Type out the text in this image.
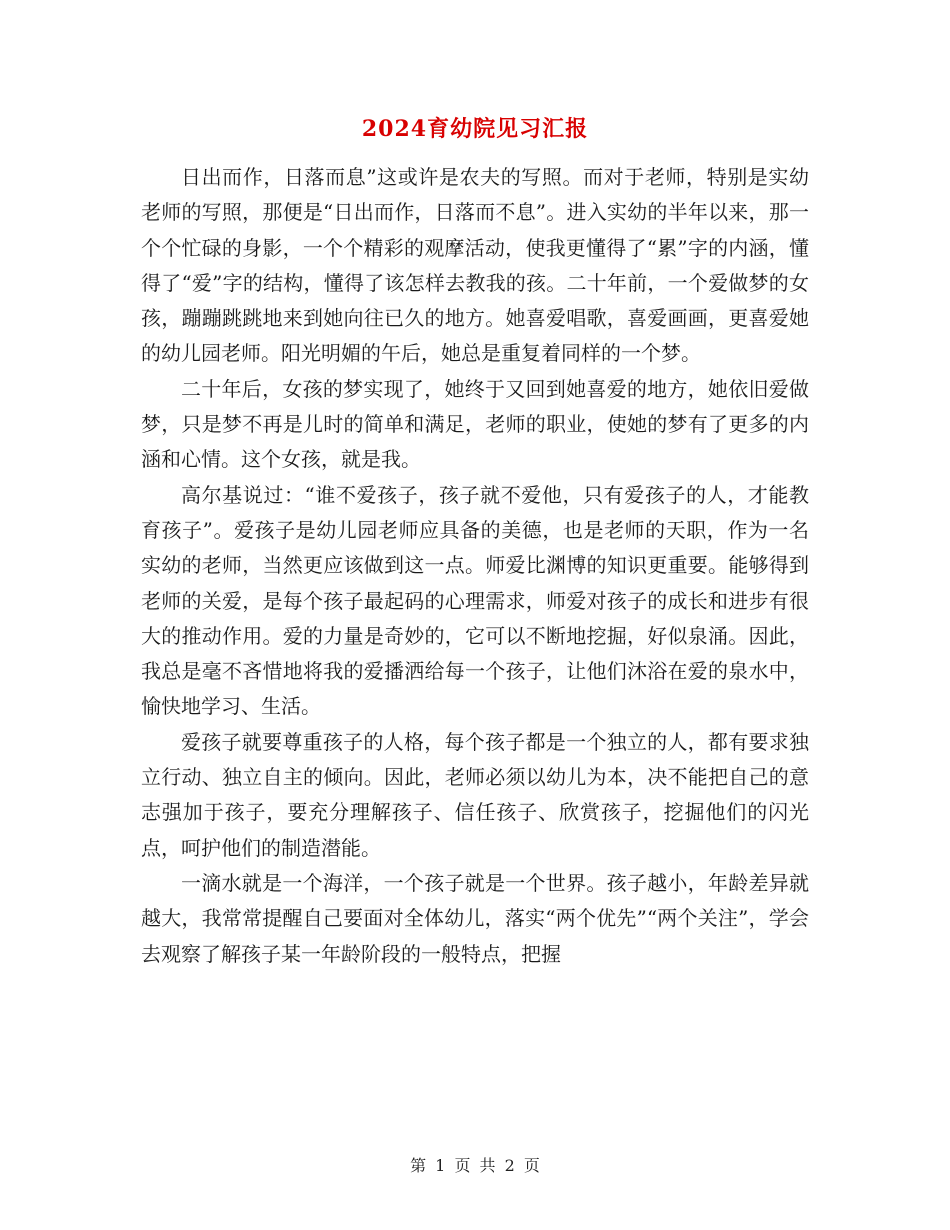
2024育幼院见习汇报

日出而作，日落而息”这或许是农夫的写照。而对于老师，特别是实幼老师的写照，那便是“日出而作，日落而不息”。进入实幼的半年以来，那一个个忙碌的身影，一个个精彩的观摩活动，使我更懂得了“累”字的内涵，懂得了“爱”字的结构，懂得了该怎样去教我的孩。二十年前，一个爱做梦的女孩，蹦蹦跳跳地来到她向往已久的地方。她喜爱唱歌，喜爱画画，更喜爱她的幼儿园老师。阳光明媚的午后，她总是重复着同样的一个梦。

二十年后，女孩的梦实现了，她终于又回到她喜爱的地方，她依旧爱做梦，只是梦不再是儿时的简单和满足，老师的职业，使她的梦有了更多的内涵和心情。这个女孩，就是我。

高尔基说过：“谁不爱孩子，孩子就不爱他，只有爱孩子的人，才能教育孩子”。爱孩子是幼儿园老师应具备的美德，也是老师的天职，作为一名实幼的老师，当然更应该做到这一点。师爱比渊博的知识更重要。能够得到老师的关爱，是每个孩子最起码的心理需求，师爱对孩子的成长和进步有很大的推动作用。爱的力量是奇妙的，它可以不断地挖掘，好似泉涌。因此，我总是毫不吝惜地将我的爱播洒给每一个孩子，让他们沐浴在爱的泉水中，愉快地学习、生活。

爱孩子就要尊重孩子的人格，每个孩子都是一个独立的人，都有要求独立行动、独立自主的倾向。因此，老师必须以幼儿为本，决不能把自己的意志强加于孩子，要充分理解孩子、信任孩子、欣赏孩子，挖掘他们的闪光点，呵护他们的制造潜能。

一滴水就是一个海洋，一个孩子就是一个世界。孩子越小，年龄差异就越大，我常常提醒自己要面对全体幼儿，落实“两个优先”“两个关注”，学会去观察了解孩子某一年龄阶段的一般特点，把握

第 1 页 共 2 页
